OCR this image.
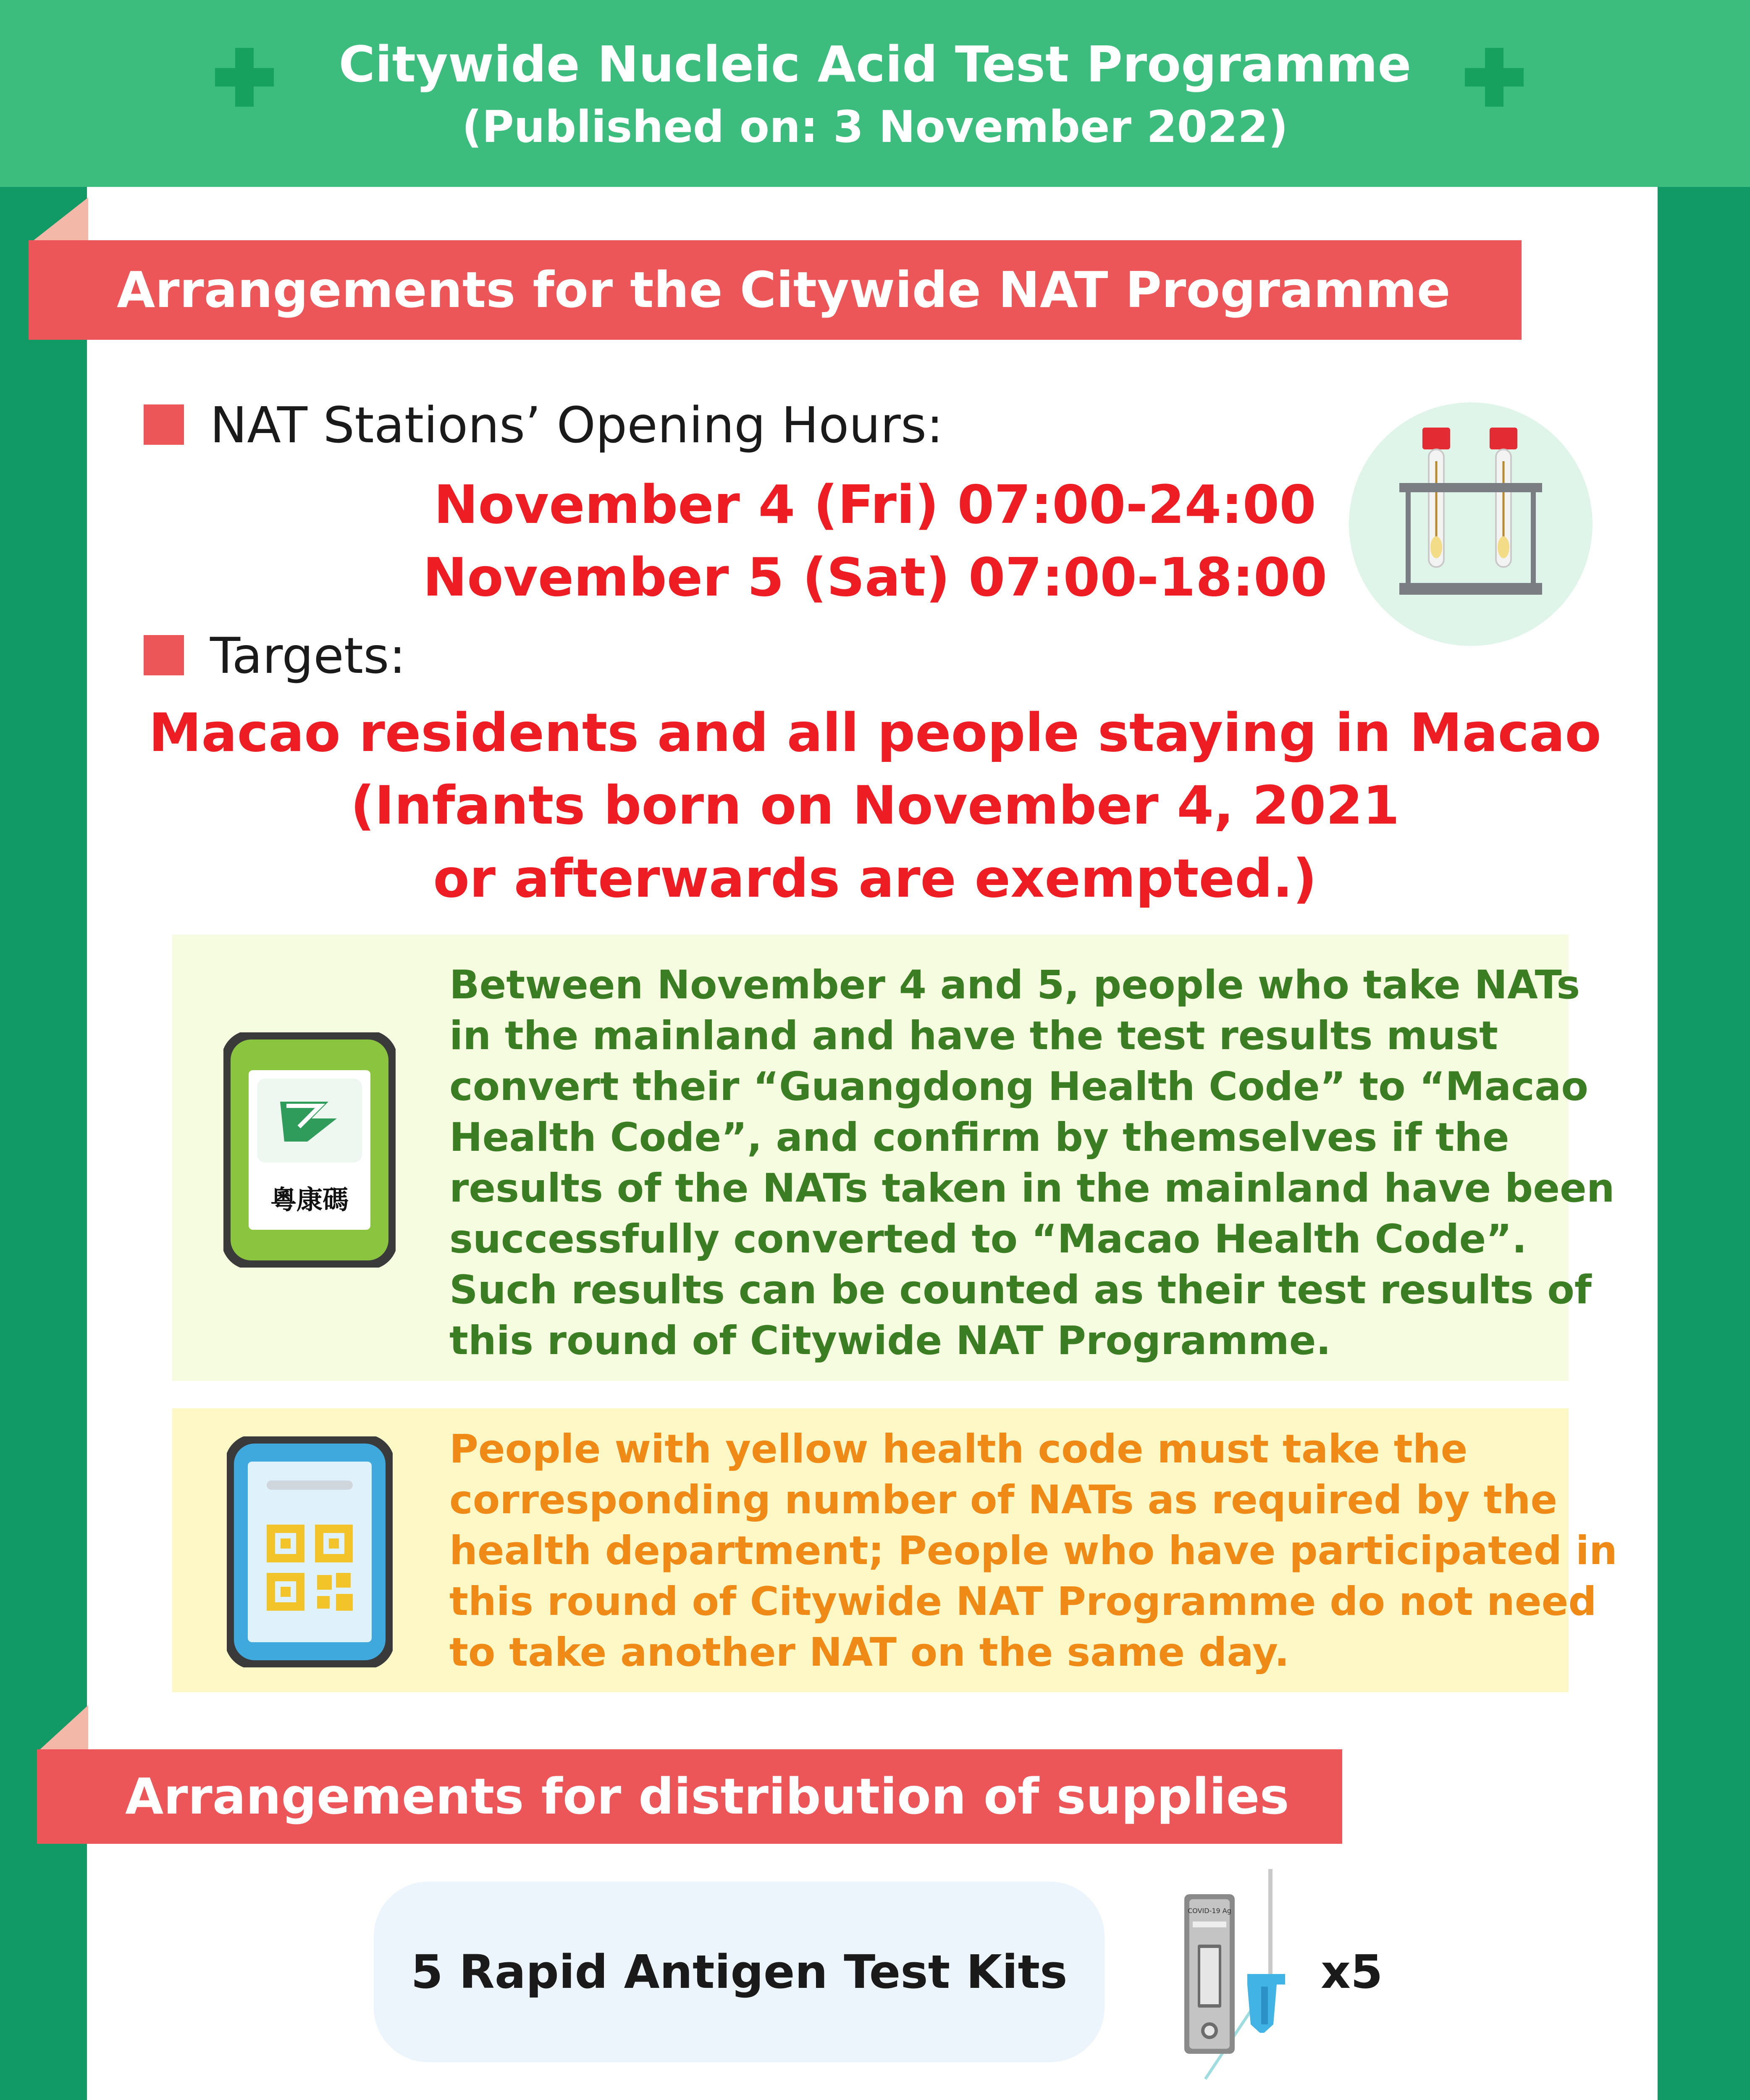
Citywide Nucleic Acid Test Programme
(Published on: 3 November 2022)
Arrangements for the Citywide NAT Programme
NAT Stations’ Opening Hours:
November 4 (Fri) 07:00-24:00
November 5 (Sat) 07:00-18:00
Targets:
Macao residents and all people staying in Macao
(Infants born on November 4, 2021
or afterwards are exempted.)
粵康碼
Between November 4 and 5, people who take NATs
in the mainland and have the test results must
convert their “Guangdong Health Code” to “Macao
Health Code”, and confirm by themselves if the
results of the NATs taken in the mainland have been
successfully converted to “Macao Health Code”.
Such results can be counted as their test results of
this round of Citywide NAT Programme.
People with yellow health code must take the
corresponding number of NATs as required by the
health department; People who have participated in
this round of Citywide NAT Programme do not need
to take another NAT on the same day.
Arrangements for distribution of supplies
5 Rapid Antigen Test Kits
COVID-19 Ag
x5
